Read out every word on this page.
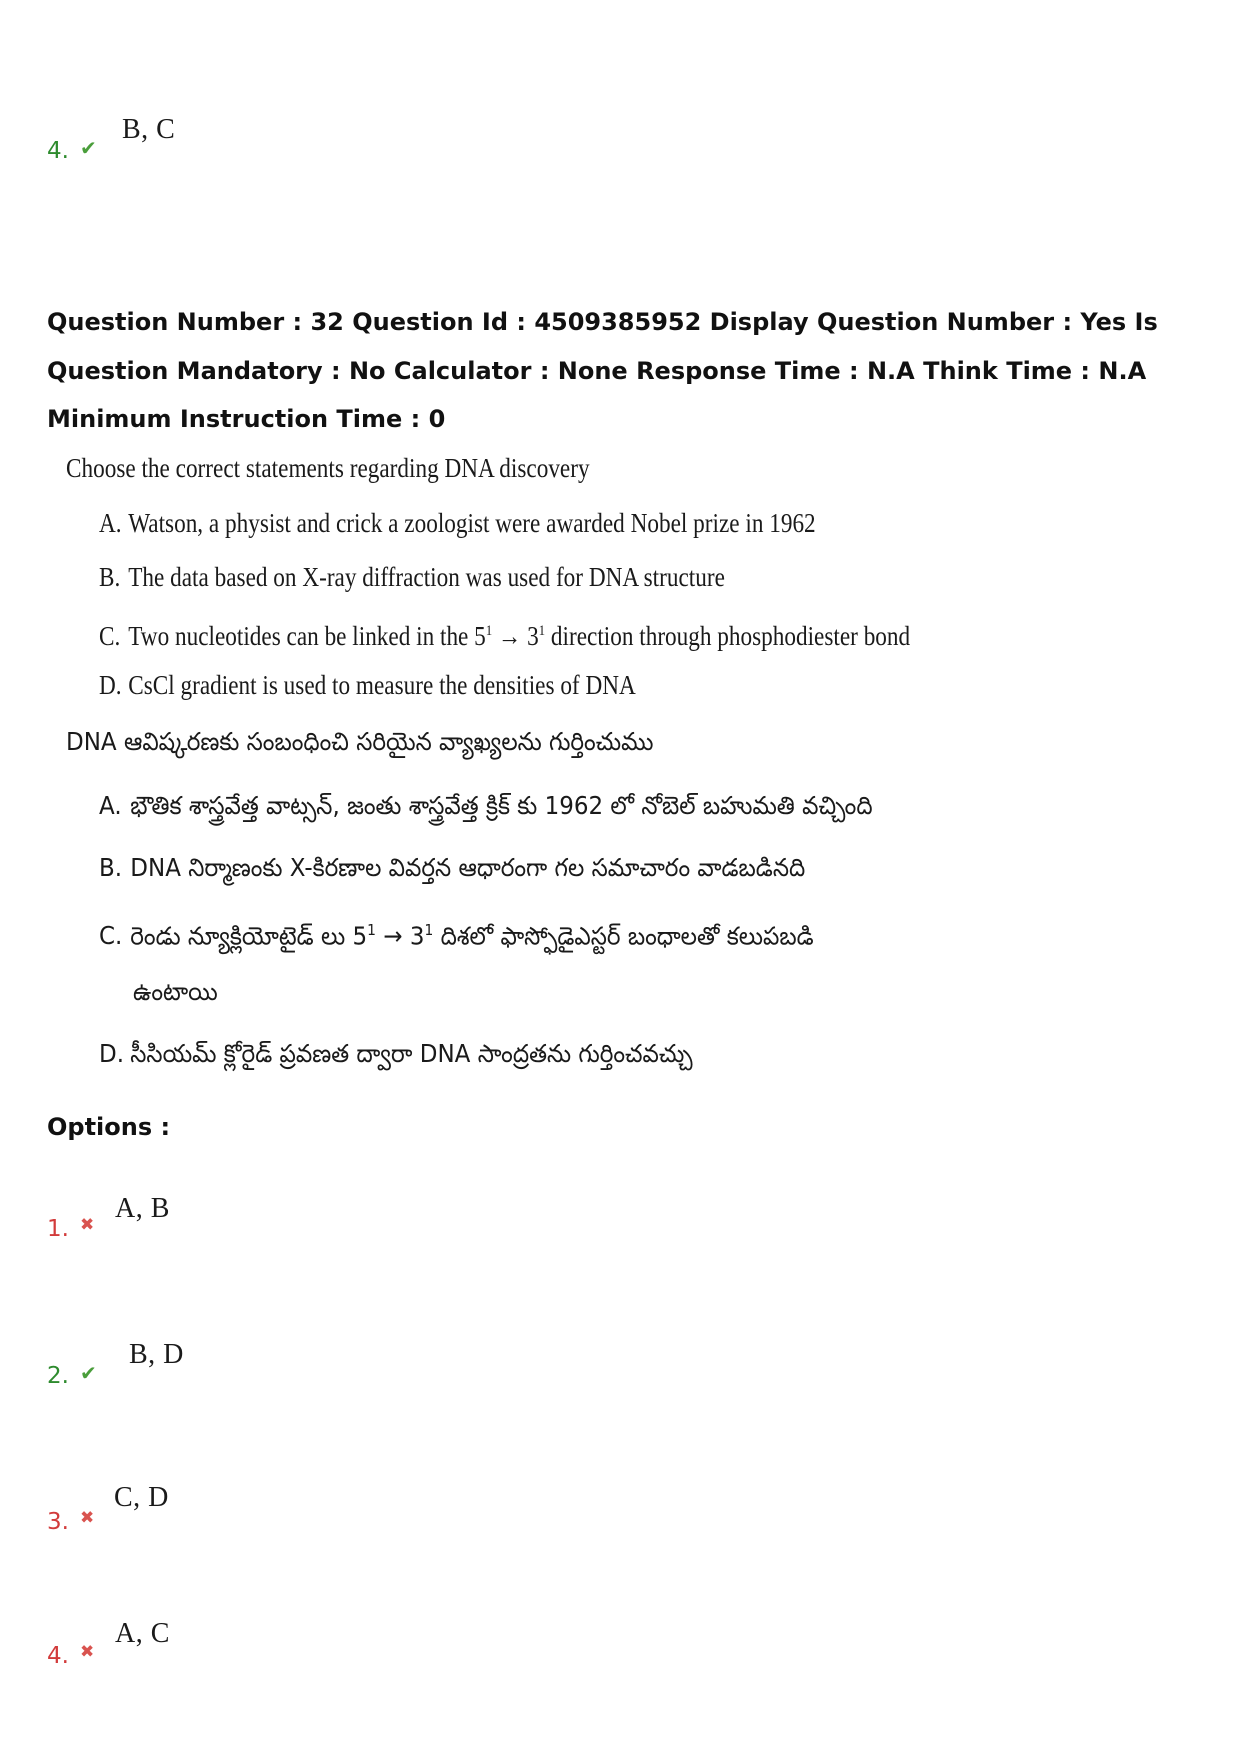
4. ✔
B, C
Question Number : 32 Question Id : 4509385952 Display Question Number : Yes Is Question Mandatory : No Calculator : None Response Time : N.A Think Time : N.A Minimum Instruction Time : 0
Choose the correct statements regarding DNA discovery
A. Watson, a physist and crick a zoologist were awarded Nobel prize in 1962
B. The data based on X-ray diffraction was used for DNA structure
C. Two nucleotides can be linked in the $5^1 \to 3^1$ direction through phosphodiester bond
D. CsCl gradient is used to measure the densities of DNA
DNA ఆవిష్కరణకు సంబంధించి సరియైన వ్యాఖ్యలను గుర్తించుము
A. భౌతిక శాస్త్రవేత్త వాట్సన్, జంతు శాస్త్రవేత్త క్రిక్ కు 1962 లో నోబెల్ బహుమతి వచ్చింది
B. DNA నిర్మాణంకు X-కిరణాల వివర్తన ఆధారంగా గల సమాచారం వాడబడినది
C. రెండు న్యూక్లియోటైడ్ లు $5^1 \to 3^1$ దిశలో ఫాస్ఫోడైఎస్టర్ బంధాలతో కలుపబడి
ఉంటాయి
D. సీసియమ్ క్లోరైడ్ ప్రవణత ద్వారా DNA సాంద్రతను గుర్తించవచ్చు
Options :
1. ✖
A, B
2. ✔
B, D
3. ✖
C, D
4. ✖
A, C
